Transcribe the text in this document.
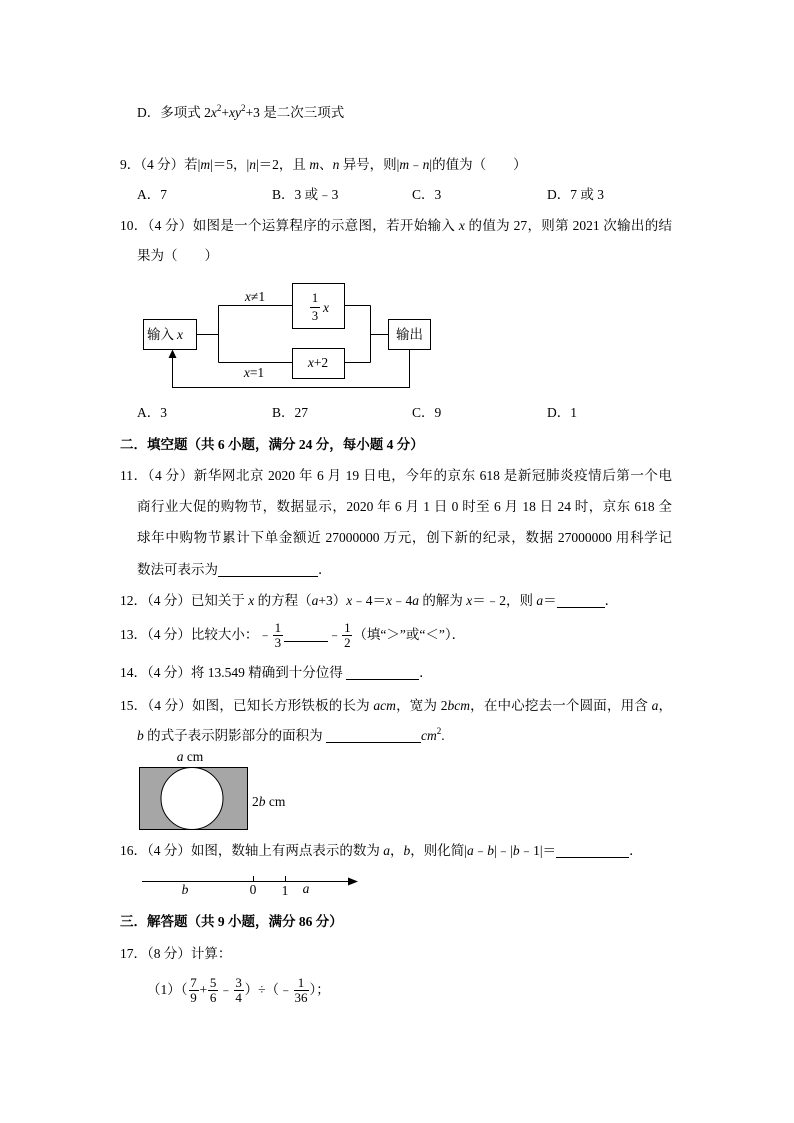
D．多项式 $2x^2+xy^2+3$ 是二次三项式
9．（4 分）若|m|＝5，|n|＝2，且 m、n 异号，则|m﹣n|的值为（　　）
A．7	B．3 或﹣3	C．3	D．7 或 3
10．（4 分）如图是一个运算程序的示意图，若开始输入 x 的值为 27，则第 2021 次输出的结
果为（　　）
输入 x
x≠1
x=1
1
3
x
x+2
输出
A．3	B．27	C．9	D．1
二．填空题（共 6 小题，满分 24 分，每小题 4 分）
11．（4 分）新华网北京 2020 年 6 月 19 日电，今年的京东 618 是新冠肺炎疫情后第一个电
商行业大促的购物节，数据显示，2020 年 6 月 1 日 0 时至 6 月 18 日 24 时，京东 618 全
球年中购物节累计下单金额近 27000000 万元，创下新的纪录，数据 27000000 用科学记
数法可表示为	．
12．（4 分）已知关于 x 的方程（a+3）x﹣4＝x﹣4a 的解为 x＝﹣2，则 a＝	．
13．（4 分）比较大小：﹣ $\frac{1}{3}$	﹣ $\frac{1}{2}$ （填“＞”或“＜”）．
14．（4 分）将 13.549 精确到十分位得	．
15．（4 分）如图，已知长方形铁板的长为 acm，宽为 2bcm，在中心挖去一个圆面，用含 a，
b 的式子表示阴影部分的面积为	$cm^2$.
a cm
2b cm
16．（4 分）如图，数轴上有两点表示的数为 a，b，则化简|a﹣b|﹣|b﹣1|＝	．
b	0 1 a
三．解答题（共 9 小题，满分 86 分）
17．（8 分）计算：
$(1)( \frac{7}{9} + \frac{5}{6}$ ﹣ $\frac{3}{4}$ ）÷（﹣ $\frac{1}{36}$ ）；
